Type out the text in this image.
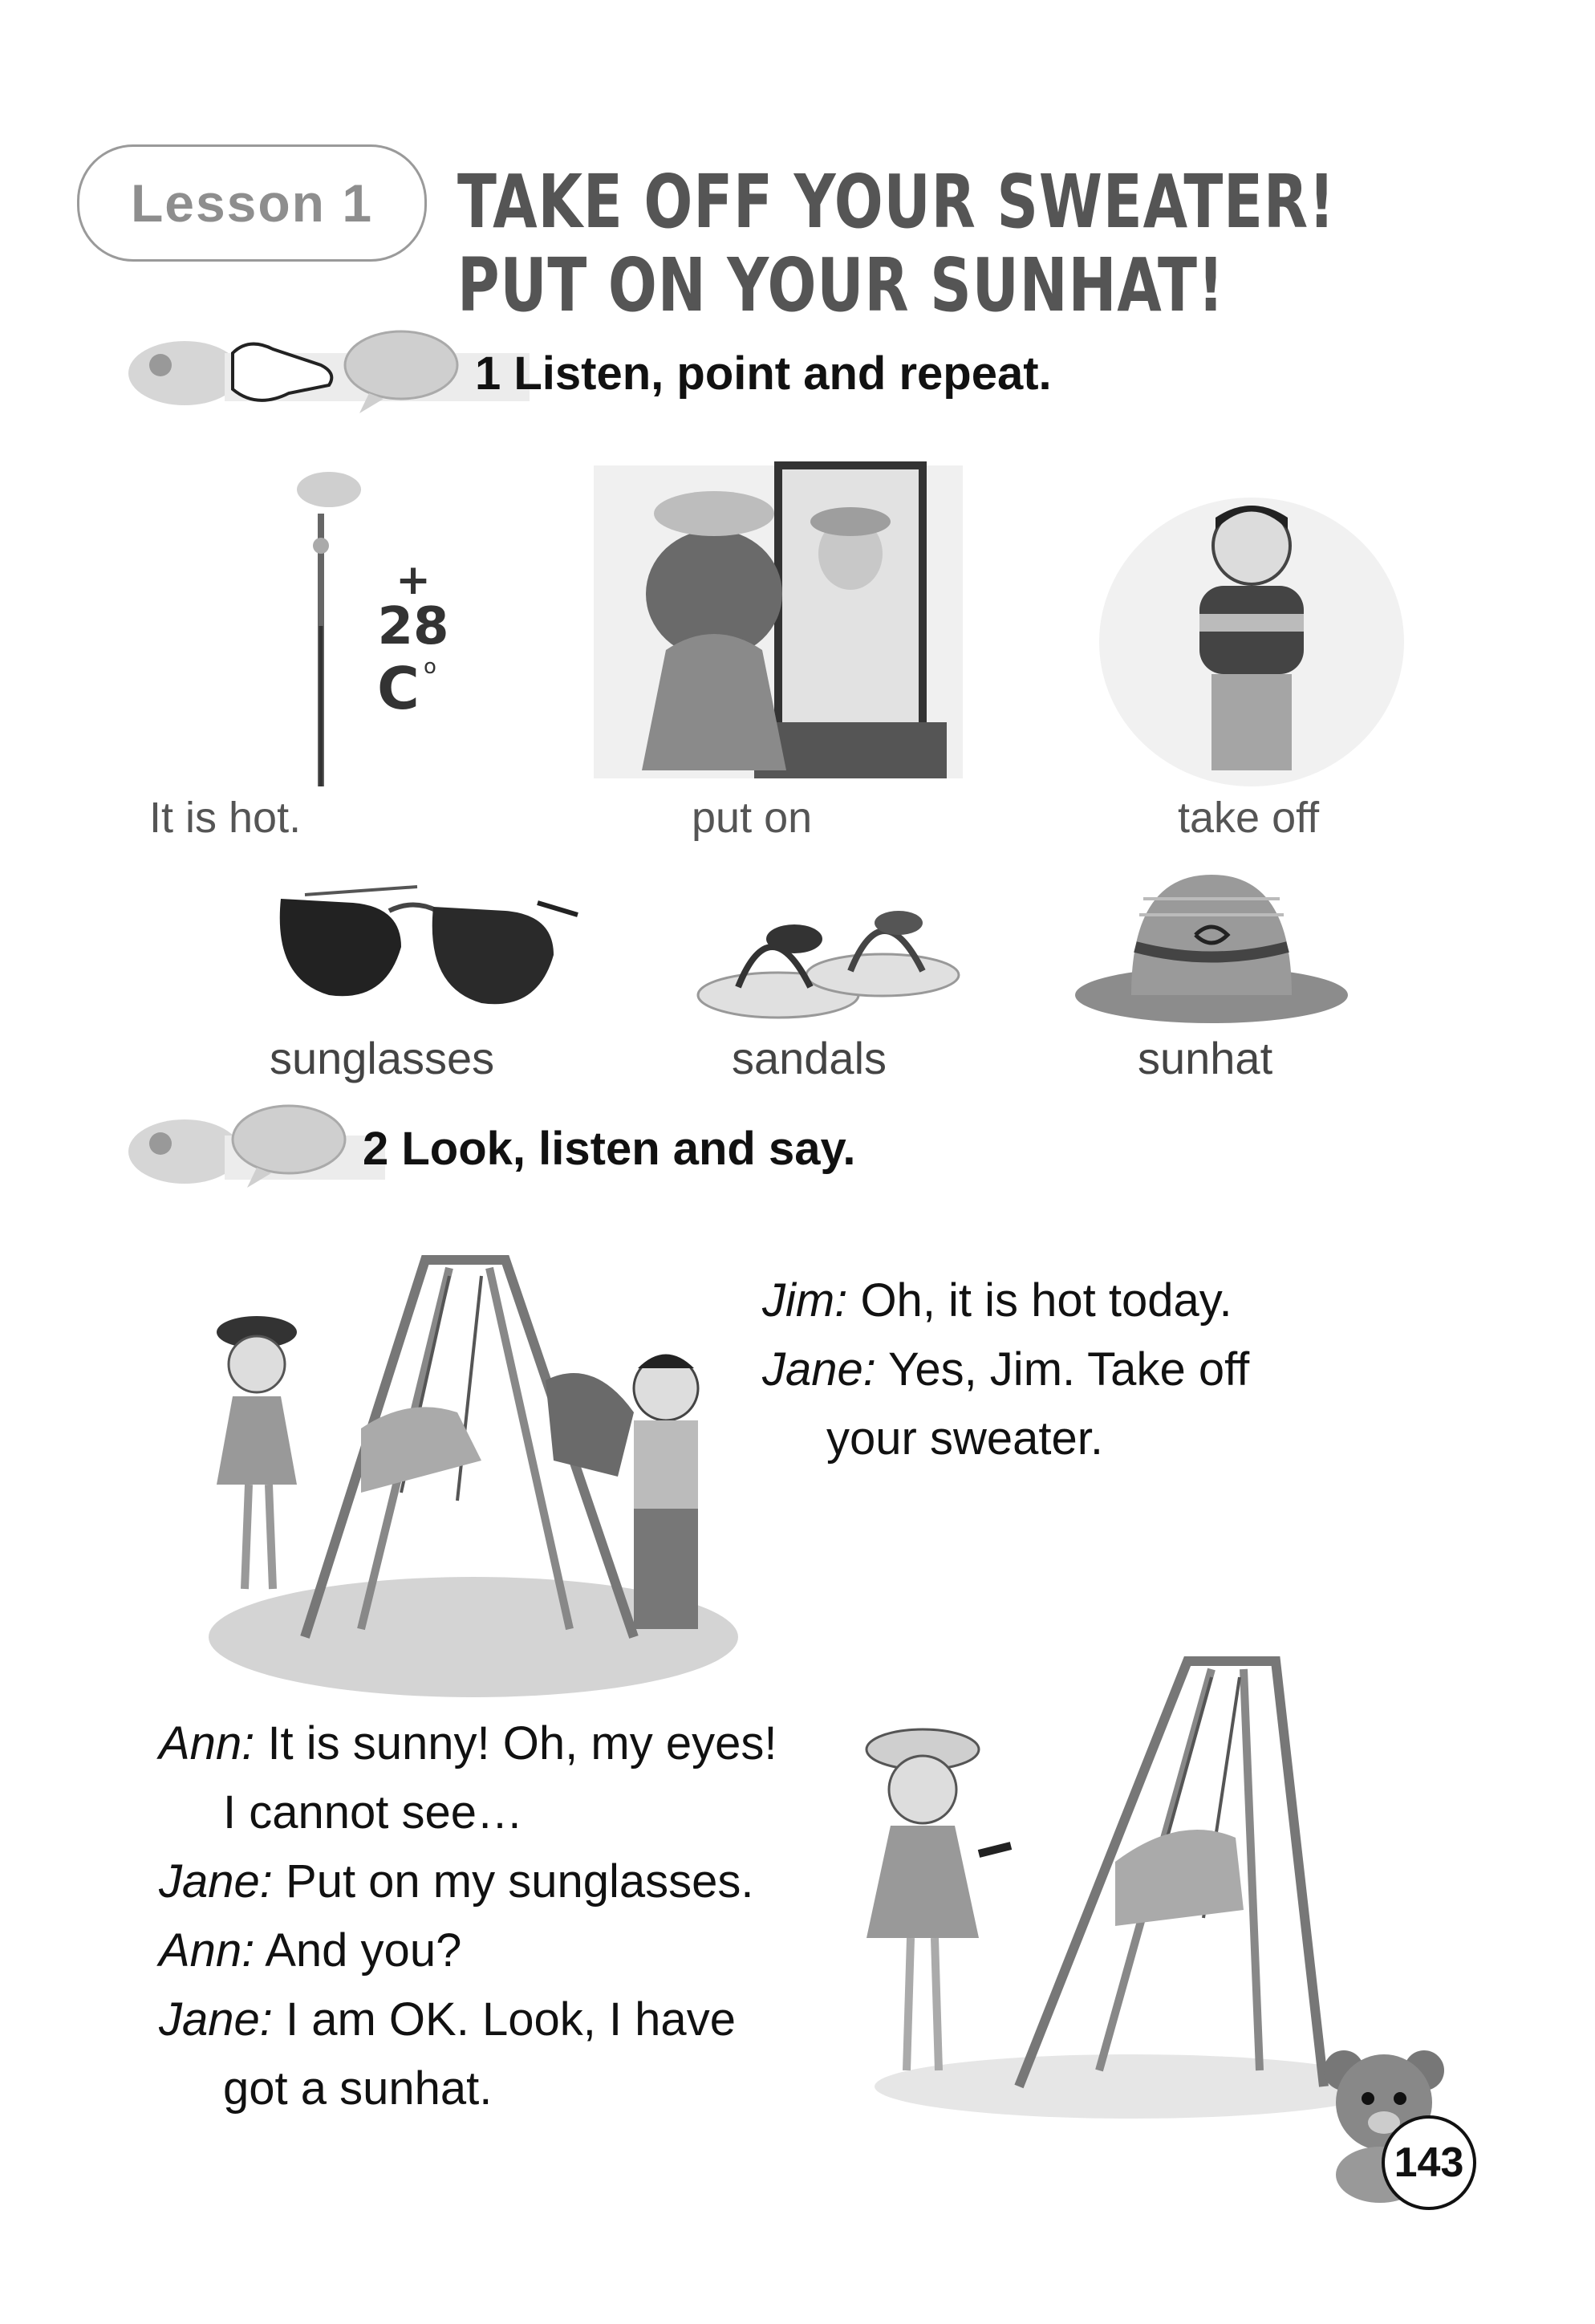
Lesson 1	TAKE OFF YOUR SWEATER!
PUT ON YOUR SUNHAT!
1 Listen, point and repeat.
+
28
C o
It is hot.	put on	take off
sunglasses	sandals	sunhat
2 Look, listen and say.
Jim: Oh, it is hot today.
Jane: Yes, Jim. Take off
your sweater.
Ann: It is sunny! Oh, my eyes!
I cannot see…
Jane: Put on my sunglasses.
Ann: And you?
Jane: I am OK. Look, I have
got a sunhat.
143
